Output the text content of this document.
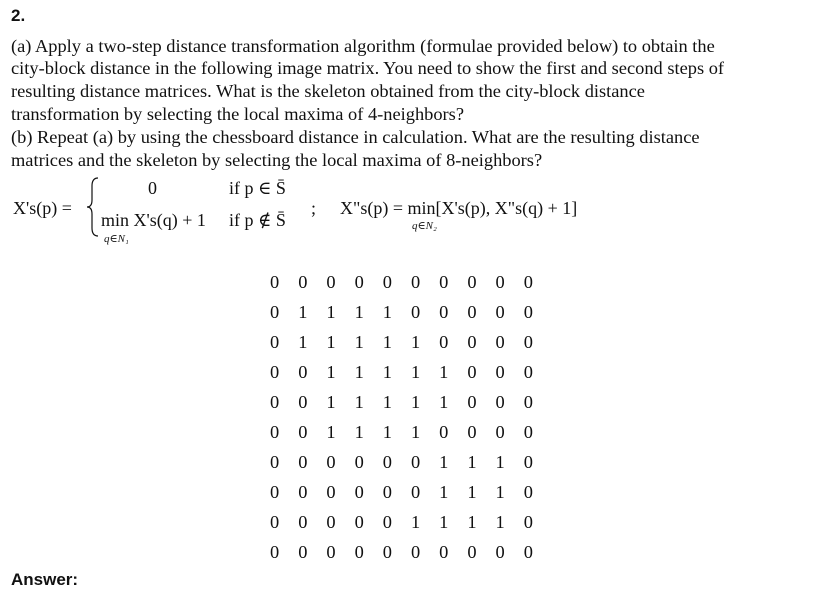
2.
(a) Apply a two-step distance transformation algorithm (formulae provided below) to obtain the
city-block distance in the following image matrix. You need to show the first and second steps of
resulting distance matrices. What is the skeleton obtained from the city-block distance
transformation by selecting the local maxima of 4-neighbors?
(b) Repeat (a) by using the chessboard distance in calculation. What are the resulting distance
matrices and the skeleton by selecting the local maxima of 8-neighbors?
X's(p) =
0	if p ∈ S̄
min X's(q) + 1 if p ∉ S̄
q∈N₁
; X"s(p) = min[X's(p), X"s(q) + 1]
q∈N₂
0 0 0 0 0 0 0 0 0 0
0 1 1 1 1 0 0 0 0 0
0 1 1 1 1 1 0 0 0 0
0 0 1 1 1 1 1 0 0 0
0 0 1 1 1 1 1 0 0 0
0 0 1 1 1 1 0 0 0 0
0 0 0 0 0 0 1 1 1 0
0 0 0 0 0 0 1 1 1 0
0 0 0 0 0 1 1 1 1 0
0 0 0 0 0 0 0 0 0 0
Answer:
